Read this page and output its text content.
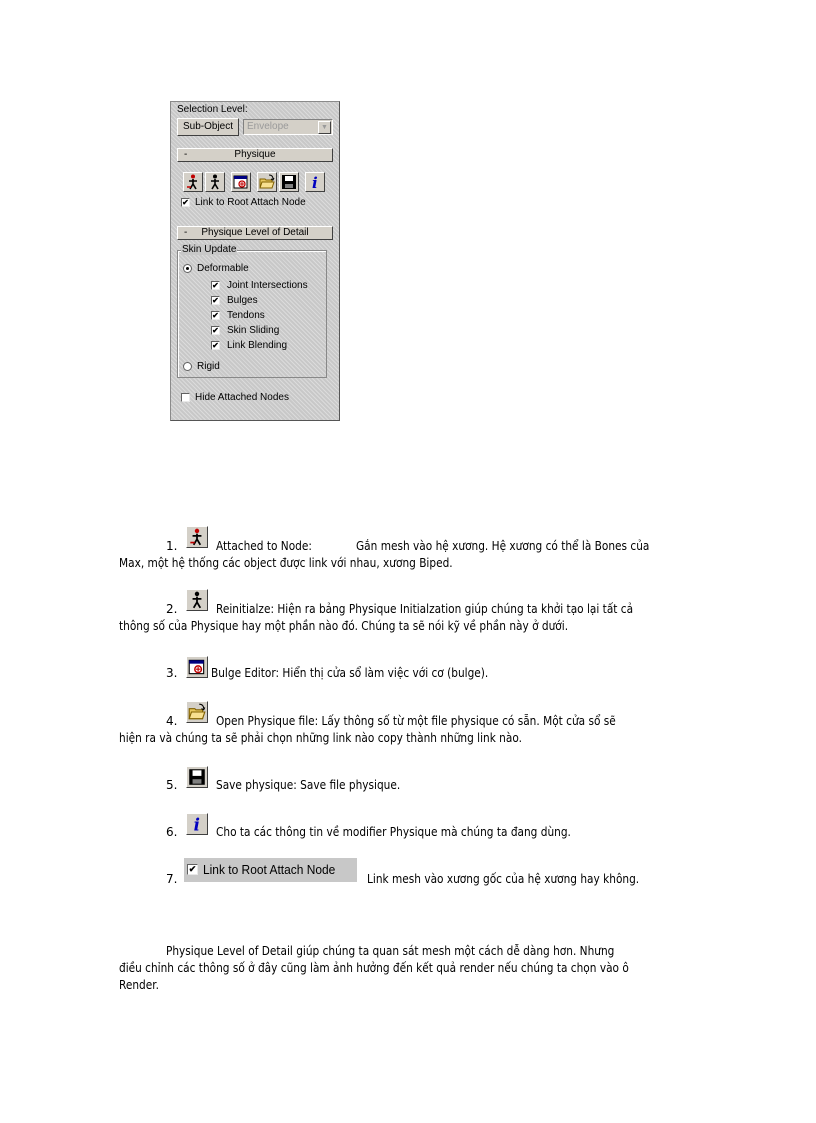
Selection Level:
Sub-Object	Envelope	▼
-	Physique
i
✔ Link to Root Attach Node
-	Physique Level of Detail
Skin Update
Deformable
✔ Joint Intersections
✔ Bulges
✔ Tendons
✔ Skin Sliding
✔ Link Blending
Rigid
Hide Attached Nodes
1.	Attached to Node:	Gắn mesh vào hệ xương. Hệ xương có thể là Bones của
Max, một hệ thống các object được link với nhau, xương Biped.
2.	Reinitialze: Hiện ra bảng Physique Initialzation giúp chúng ta khởi tạo lại tất cả
thông số của Physique hay một phần nào đó. Chúng ta sẽ nói kỹ về phần này ở dưới.
3.	Bulge Editor: Hiển thị cửa sổ làm việc với cơ (bulge).
4.	Open Physique file: Lấy thông số từ một file physique có sẵn. Một cửa sổ sẽ
hiện ra và chúng ta sẽ phải chọn những link nào copy thành những link nào.
5.	Save physique: Save file physique.
6. i Cho ta các thông tin về modifier Physique mà chúng ta đang dùng.
7.
✔ Link to Root Attach Node
Link mesh vào xương gốc của hệ xương hay không.
Physique Level of Detail giúp chúng ta quan sát mesh một cách dễ dàng hơn. Nhưng
điều chỉnh các thông số ở đây cũng làm ảnh hưởng đến kết quả render nếu chúng ta chọn vào ô
Render.
